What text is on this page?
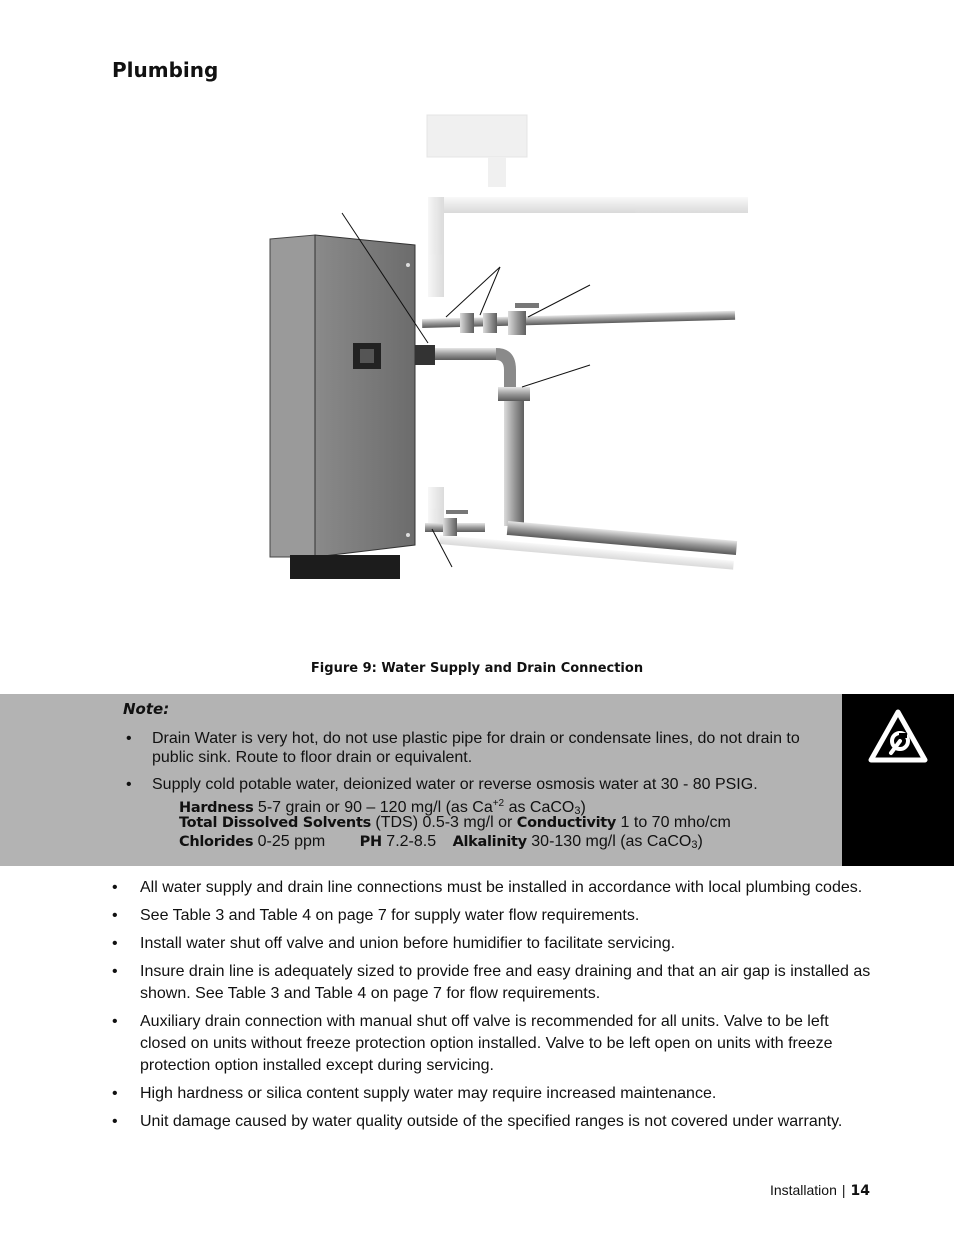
Plumbing
Figure 9: Water Supply and Drain Connection
Note:
• Drain Water is very hot, do not use plastic pipe for drain or condensate lines, do not drain to public sink. Route to floor drain or equivalent.
• Supply cold potable water, deionized water or reverse osmosis water at 30 - 80 PSIG.
Hardness 5-7 grain or 90 – 120 mg/l (as $Ca^{+2}$ as CaCO3)
Total Dissolved Solvents (TDS) 0.5-3 mg/l or Conductivity 1 to 70 mho/cm
Chlorides 0-25 ppm PH 7.2-8.5 Alkalinity 30-130 mg/l (as CaCO3)
• All water supply and drain line connections must be installed in accordance with local plumbing codes.
• See Table 3 and Table 4 on page 7 for supply water flow requirements.
• Install water shut off valve and union before humidifier to facilitate servicing.
• Insure drain line is adequately sized to provide free and easy draining and that an air gap is installed as shown. See Table 3 and Table 4 on page 7 for flow requirements.
• Auxiliary drain connection with manual shut off valve is recommended for all units. Valve to be left closed on units without freeze protection option installed. Valve to be left open on units with freeze protection option installed except during servicing.
• High hardness or silica content supply water may require increased maintenance.
• Unit damage caused by water quality outside of the specified ranges is not covered under warranty.
Installation | 14
